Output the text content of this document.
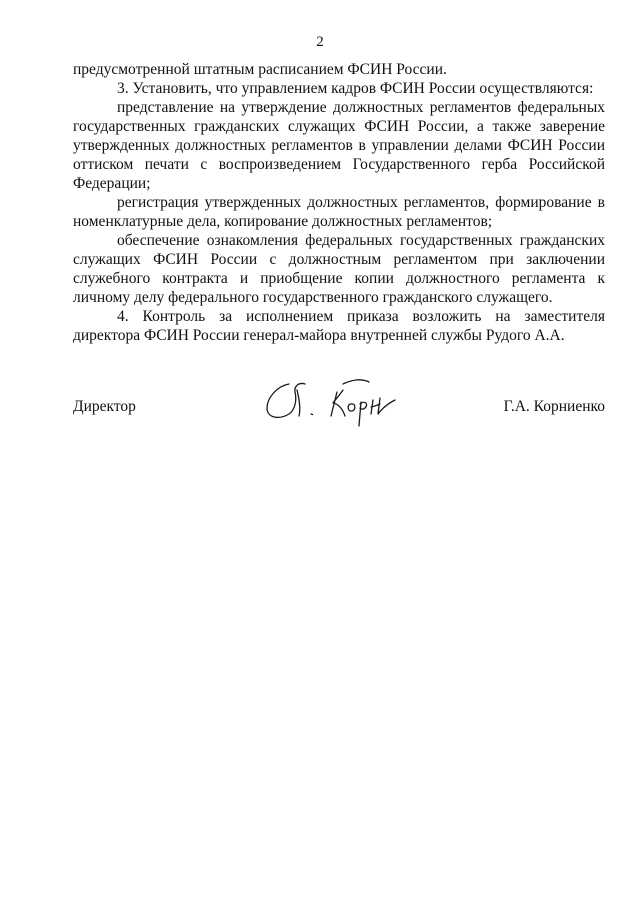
2

предусмотренной штатным расписанием ФСИН России.

3. Установить, что управлением кадров ФСИН России осуществляются:

представление на утверждение должностных регламентов федеральных государственных гражданских служащих ФСИН России, а также заверение утвержденных должностных регламентов в управлении делами ФСИН России оттиском печати с воспроизведением Государственного герба Российской Федерации;

регистрация утвержденных должностных регламентов, формирование в номенклатурные дела, копирование должностных регламентов;

обеспечение ознакомления федеральных государственных гражданских служащих ФСИН России с должностным регламентом при заключении служебного контракта и приобщение копии должностного регламента к личному делу федерального государственного гражданского служащего.

4. Контроль за исполнением приказа возложить на заместителя директора ФСИН России генерал-майора внутренней службы Рудого А.А.

Директор	Г.А. Корниенко
